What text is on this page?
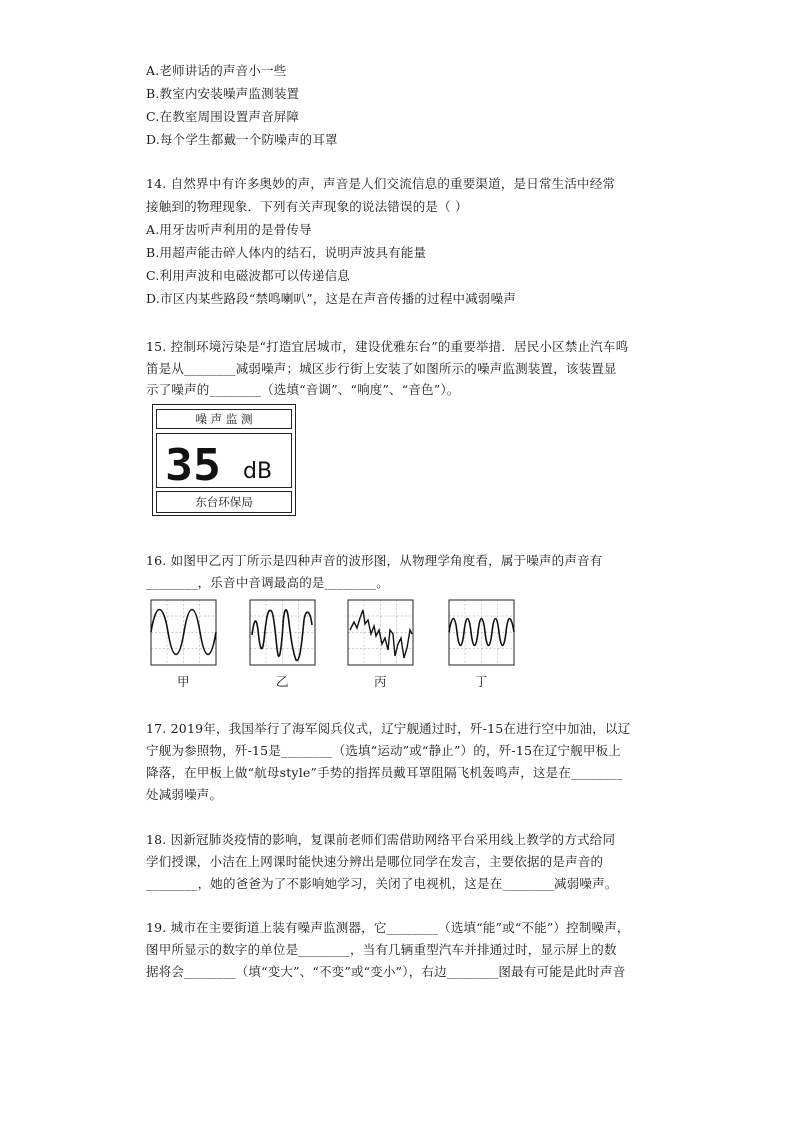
A.老师讲话的声音小一些
B.教室内安装噪声监测装置
C.在教室周围设置声音屏障
D.每个学生都戴一个防噪声的耳罩
14. 自然界中有许多奥妙的声，声音是人们交流信息的重要渠道，是日常生活中经常
接触到的物理现象．下列有关声现象的说法错误的是（ ）
A.用牙齿听声利用的是骨传导
B.用超声能击碎人体内的结石，说明声波具有能量
C.利用声波和电磁波都可以传递信息
D.市区内某些路段“禁鸣喇叭”，这是在声音传播的过程中减弱噪声
15. 控制环境污染是“打造宜居城市，建设优雅东台”的重要举措．居民小区禁止汽车鸣
笛是从________减弱噪声；城区步行街上安装了如图所示的噪声监测装置，该装置显
示了噪声的________（选填“音调”、“响度”、“音色”）。
噪 声 监 测
35 dB
东台环保局
16. 如图甲乙丙丁所示是四种声音的波形图，从物理学角度看，属于噪声的声音有
________，乐音中音调最高的是________。
甲	乙	丙	丁
17. 2019年，我国举行了海军阅兵仪式，辽宁舰通过时，歼-15在进行空中加油，以辽
宁舰为参照物，歼-15是________（选填“运动”或“静止”）的，歼-15在辽宁舰甲板上
降落，在甲板上做“航母style”手势的指挥员戴耳罩阻隔飞机轰鸣声，这是在________
处减弱噪声。
18. 因新冠肺炎疫情的影响，复课前老师们需借助网络平台采用线上教学的方式给同
学们授课，小洁在上网课时能快速分辨出是哪位同学在发言，主要依据的是声音的
________，她的爸爸为了不影响她学习，关闭了电视机，这是在________减弱噪声。
19. 城市在主要街道上装有噪声监测器，它________（选填“能”或“不能”）控制噪声，
图甲所显示的数字的单位是________，当有几辆重型汽车并排通过时，显示屏上的数
据将会________（填“变大”、“不变”或“变小”），右边________图最有可能是此时声音
